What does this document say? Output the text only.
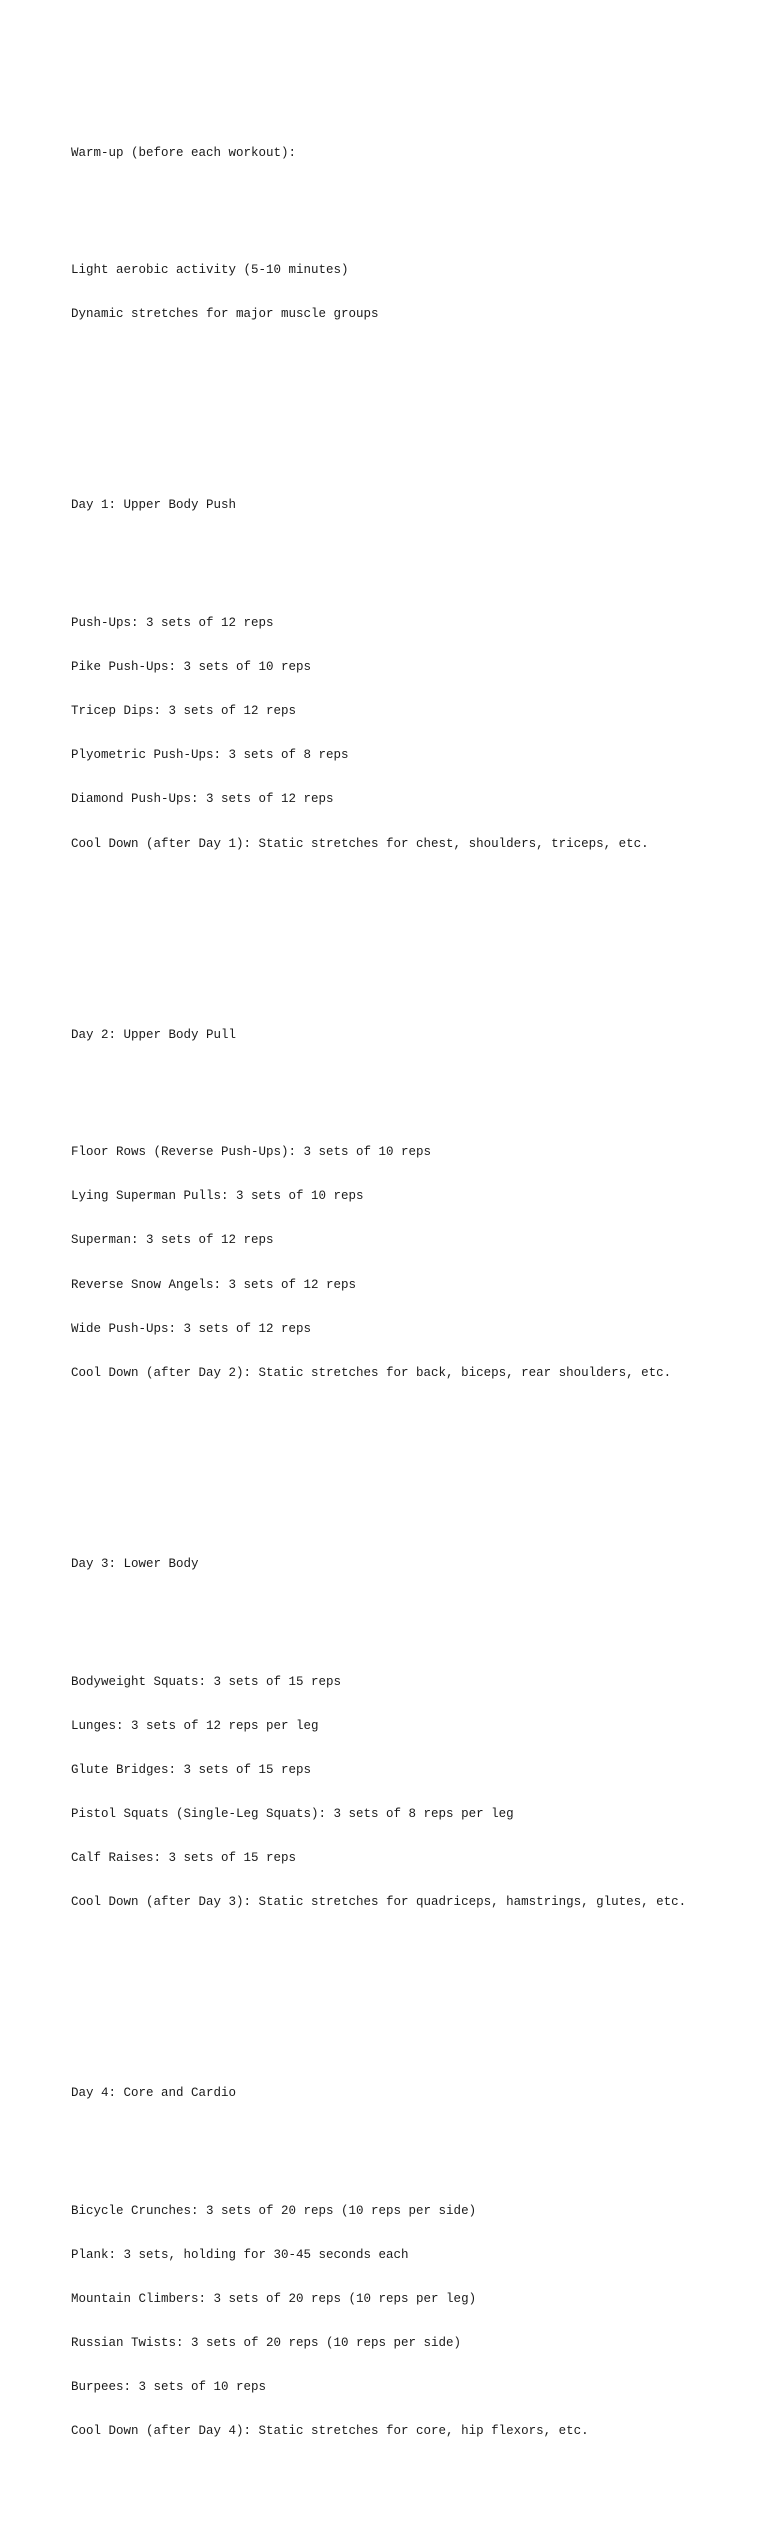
Warm-up (before each workout):

Light aerobic activity (5-10 minutes)

Dynamic stretches for major muscle groups

Day 1: Upper Body Push

Push-Ups: 3 sets of 12 reps

Pike Push-Ups: 3 sets of 10 reps

Tricep Dips: 3 sets of 12 reps

Plyometric Push-Ups: 3 sets of 8 reps

Diamond Push-Ups: 3 sets of 12 reps

Cool Down (after Day 1): Static stretches for chest, shoulders, triceps, etc.

Day 2: Upper Body Pull

Floor Rows (Reverse Push-Ups): 3 sets of 10 reps

Lying Superman Pulls: 3 sets of 10 reps

Superman: 3 sets of 12 reps

Reverse Snow Angels: 3 sets of 12 reps

Wide Push-Ups: 3 sets of 12 reps

Cool Down (after Day 2): Static stretches for back, biceps, rear shoulders, etc.

Day 3: Lower Body

Bodyweight Squats: 3 sets of 15 reps

Lunges: 3 sets of 12 reps per leg

Glute Bridges: 3 sets of 15 reps

Pistol Squats (Single-Leg Squats): 3 sets of 8 reps per leg

Calf Raises: 3 sets of 15 reps

Cool Down (after Day 3): Static stretches for quadriceps, hamstrings, glutes, etc.

Day 4: Core and Cardio

Bicycle Crunches: 3 sets of 20 reps (10 reps per side)

Plank: 3 sets, holding for 30-45 seconds each

Mountain Climbers: 3 sets of 20 reps (10 reps per leg)

Russian Twists: 3 sets of 20 reps (10 reps per side)

Burpees: 3 sets of 10 reps

Cool Down (after Day 4): Static stretches for core, hip flexors, etc.
